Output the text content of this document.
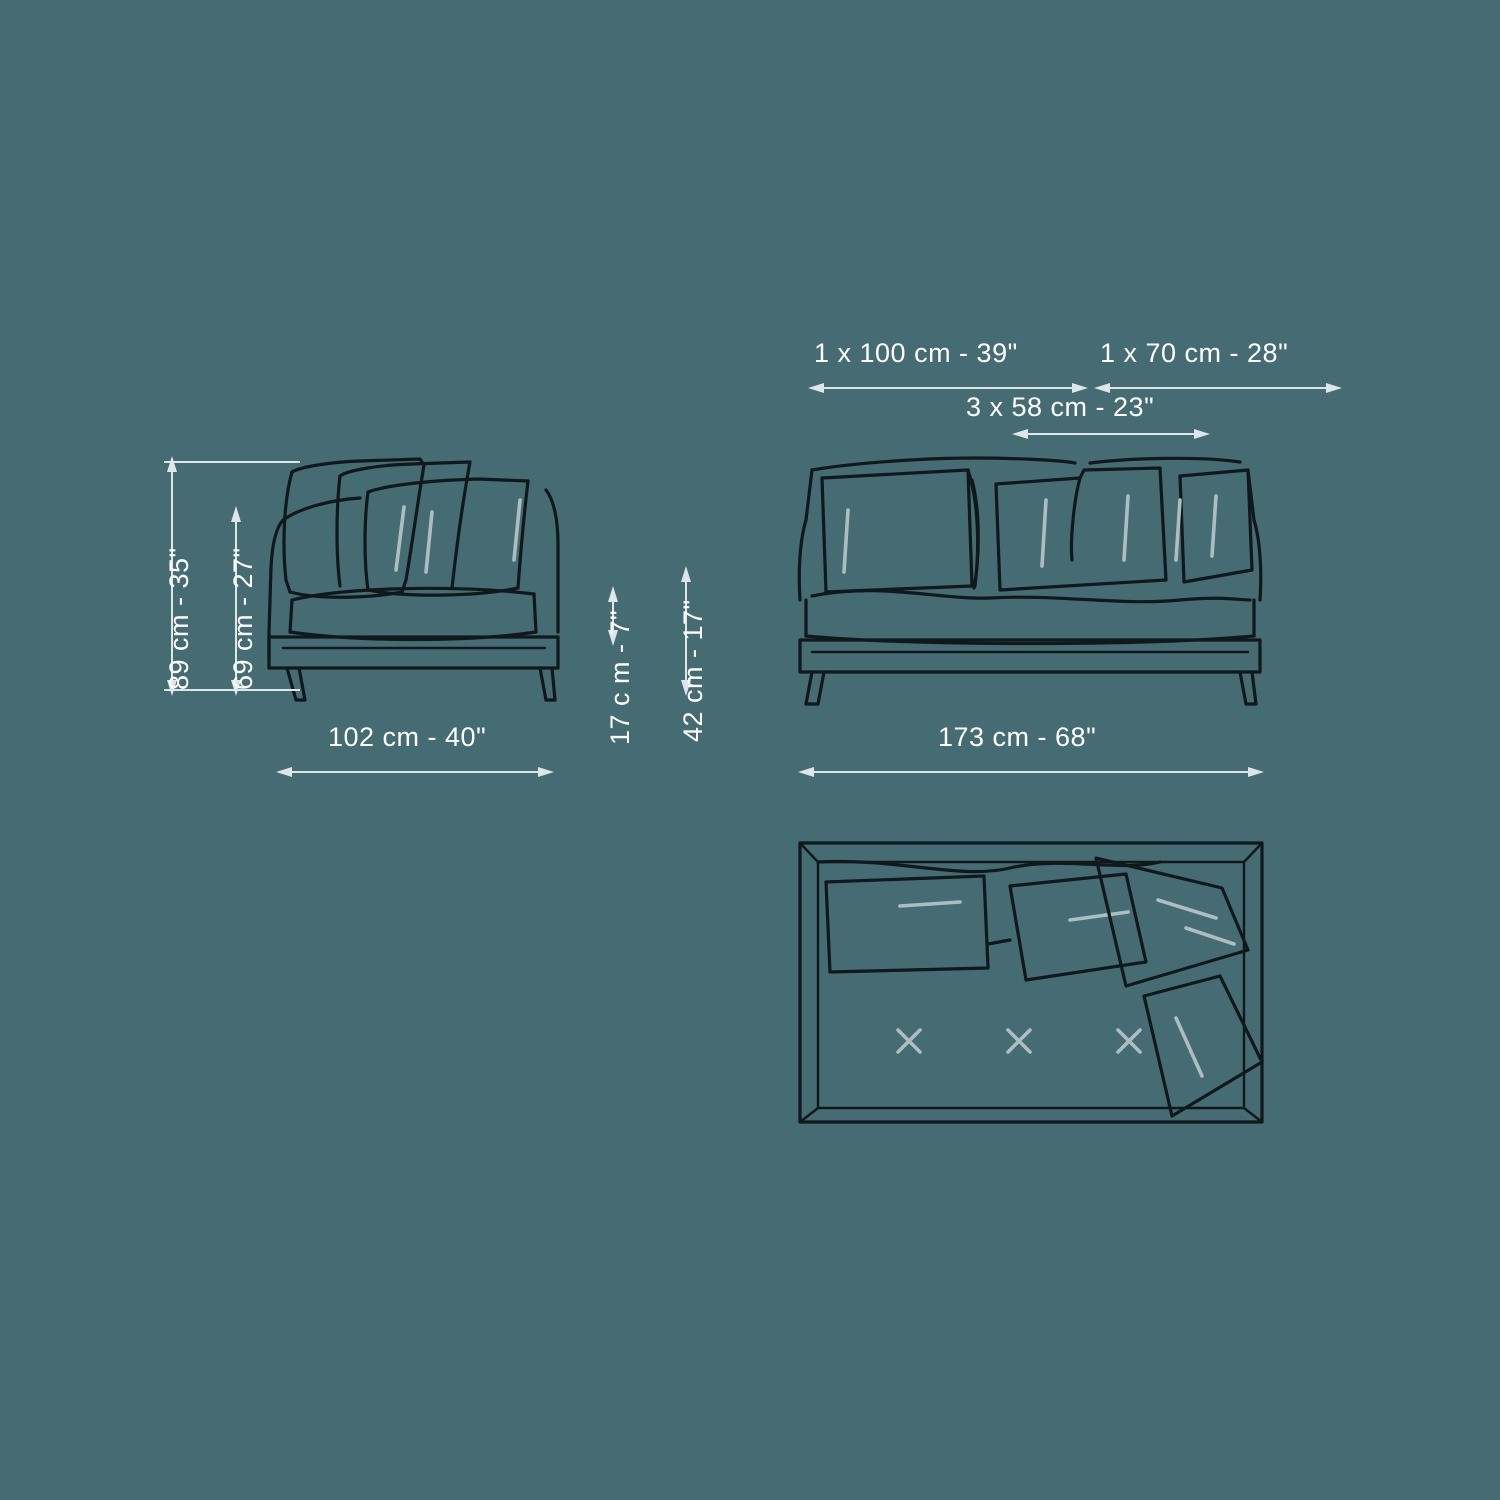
89 cm - 35" 69 cm - 27"	17 c m - 7" 42 cm - 17"
102 cm - 40"	173 cm - 68"
1 x 100 cm - 39"	1 x 70 cm - 28"
3 x 58 cm - 23"
